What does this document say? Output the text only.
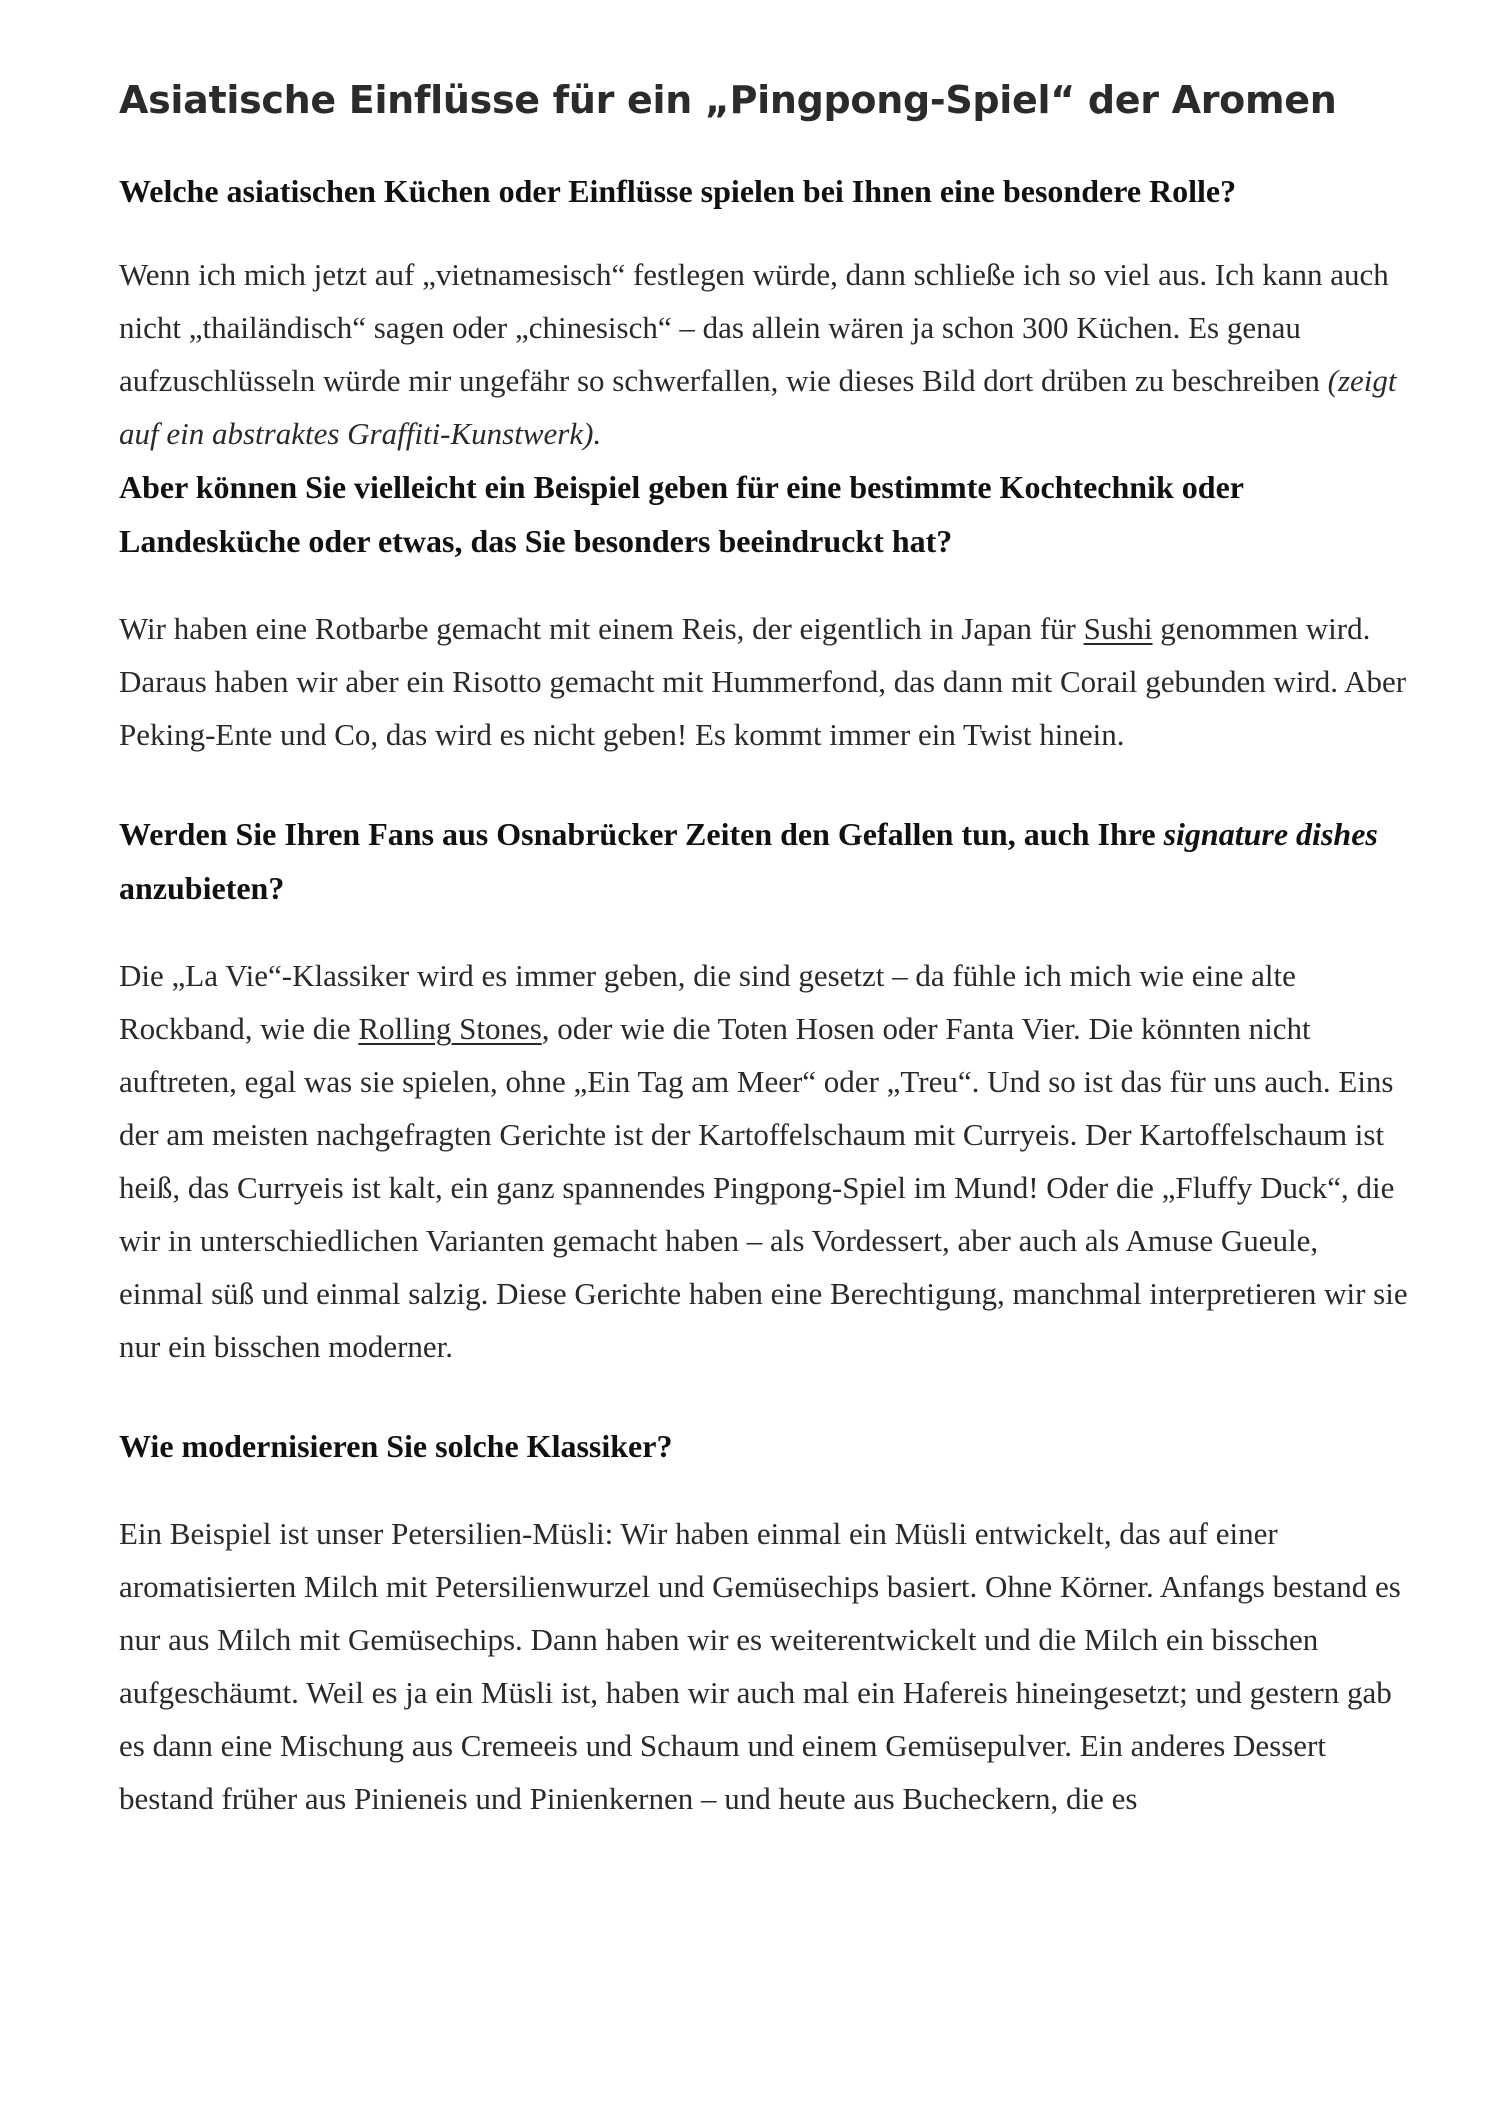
Asiatische Einflüsse für ein „Pingpong-Spiel“ der Aromen

Welche asiatischen Küchen oder Einflüsse spielen bei Ihnen eine besondere Rolle?

Wenn ich mich jetzt auf „vietnamesisch“ festlegen würde, dann schließe ich so viel aus. Ich kann auch nicht „thailändisch“ sagen oder „chinesisch“ – das allein wären ja schon 300 Küchen. Es genau aufzuschlüsseln würde mir ungefähr so schwerfallen, wie dieses Bild dort drüben zu beschreiben (zeigt auf ein abstraktes Graffiti-Kunstwerk).

Aber können Sie vielleicht ein Beispiel geben für eine bestimmte Kochtechnik oder Landesküche oder etwas, das Sie besonders beeindruckt hat?

Wir haben eine Rotbarbe gemacht mit einem Reis, der eigentlich in Japan für Sushi genommen wird. Daraus haben wir aber ein Risotto gemacht mit Hummerfond, das dann mit Corail gebunden wird. Aber Peking-Ente und Co, das wird es nicht geben! Es kommt immer ein Twist hinein.

Werden Sie Ihren Fans aus Osnabrücker Zeiten den Gefallen tun, auch Ihre signature dishes anzubieten?

Die „La Vie“-Klassiker wird es immer geben, die sind gesetzt – da fühle ich mich wie eine alte Rockband, wie die Rolling Stones, oder wie die Toten Hosen oder Fanta Vier. Die könnten nicht auftreten, egal was sie spielen, ohne „Ein Tag am Meer“ oder „Treu“. Und so ist das für uns auch. Eins der am meisten nachgefragten Gerichte ist der Kartoffelschaum mit Curryeis. Der Kartoffelschaum ist heiß, das Curryeis ist kalt, ein ganz spannendes Pingpong-Spiel im Mund! Oder die „Fluffy Duck“, die wir in unterschiedlichen Varianten gemacht haben – als Vordessert, aber auch als Amuse Gueule, einmal süß und einmal salzig. Diese Gerichte haben eine Berechtigung, manchmal interpretieren wir sie nur ein bisschen moderner.

Wie modernisieren Sie solche Klassiker?

Ein Beispiel ist unser Petersilien-Müsli: Wir haben einmal ein Müsli entwickelt, das auf einer aromatisierten Milch mit Petersilienwurzel und Gemüsechips basiert. Ohne Körner. Anfangs bestand es nur aus Milch mit Gemüsechips. Dann haben wir es weiterentwickelt und die Milch ein bisschen aufgeschäumt. Weil es ja ein Müsli ist, haben wir auch mal ein Hafereis hineingesetzt; und gestern gab es dann eine Mischung aus Cremeeis und Schaum und einem Gemüsepulver. Ein anderes Dessert bestand früher aus Pinieneis und Pinienkernen – und heute aus Bucheckern, die es
